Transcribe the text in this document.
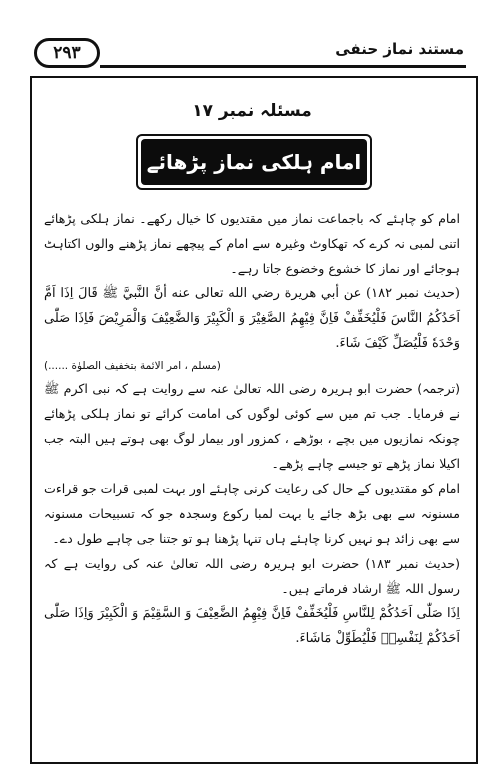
۲۹۳	مستند نماز حنفی
مسئلہ نمبر ۱۷
امام ہلکی نماز پڑھائے

امام کو چاہئے کہ باجماعت نماز میں مقتدیوں کا خیال رکھے۔ نماز ہلکی پڑھائے اتنی لمبی نہ کرے کہ تھکاوٹ وغیرہ سے امام کے پیچھے نماز پڑھنے والوں اکتاہٹ ہوجائے اور نماز کا خشوع وخضوع جاتا رہے۔

(حدیث نمبر ۱۸۲) عن أبي هريرة رضي الله تعالى عنه أنَّ النَّبيَّ ﷺ قَالَ اِذَا اَمَّ اَحَدُكُمُ النَّاسَ فَلْيُخَفِّفْ فَاِنَّ فِيْهِمُ الصَّغِيْرَ وَ الْكَبِيْرَ وَالضَّعِيْفَ وَالْمَرِيْضَ فَاِذَا صَلّٰى وَحْدَهٗ فَلْيُصَلِّ كَيْفَ شَاءَ.

(مسلم ، امر الائمة بتخفيف الصلوٰة ......)

(ترجمہ) حضرت ابو ہریرہ رضی اللہ تعالیٰ عنہ سے روایت ہے کہ نبی اکرم ﷺ نے فرمایا۔ جب تم میں سے کوئی لوگوں کی امامت کرائے تو نماز ہلکی پڑھائے چونکہ نمازیوں میں بچے ، بوڑھے ، کمزور اور بیمار لوگ بھی ہوتے ہیں البتہ جب اکیلا نماز پڑھے تو جیسے چاہے پڑھے۔

امام کو مقتدیوں کے حال کی رعایت کرنی چاہئے اور بہت لمبی قرات جو قراءت مسنونہ سے بھی بڑھ جائے یا بہت لمبا رکوع وسجدہ جو کہ تسبیحات مسنونہ سے بھی زائد ہو نہیں کرنا چاہئے ہاں تنہا پڑھنا ہو تو جتنا جی چاہے طول دے۔

(حدیث نمبر ۱۸۳) حضرت ابو ہریرہ رضی اللہ تعالیٰ عنہ کی روایت ہے کہ رسول اللہ ﷺ ارشاد فرماتے ہیں۔

اِذَا صَلّٰى اَحَدُكُمْ لِلنَّاسِ فَلْيُخَفِّفْ فَاِنَّ فِيْهِمُ الضَّعِيْفَ وَ السَّقِيْمَ وَ الْكَبِيْرَ وَاِذَا صَلّٰى اَحَدُكُمْ لِنَفْسِهٖ فَلْيُطَوِّلْ مَاشَاءَ.
